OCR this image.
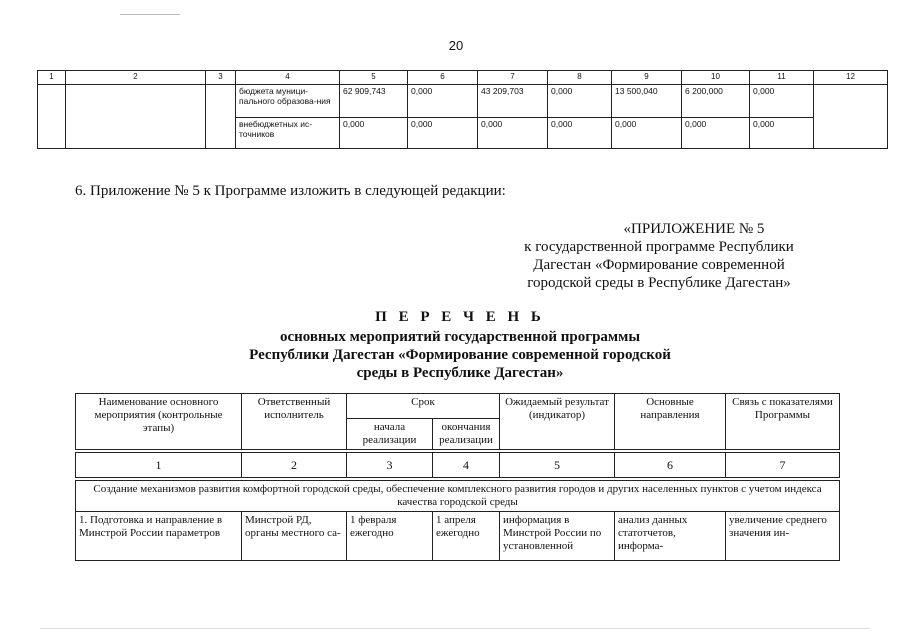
20
1	2	3	4	5	6	7	8	9	10	11	12
			бюджета муници-пального образова-ния	62 909,743	0,000	43 209,703	0,000	13 500,040	6 200,000	0,000	
			внебюджетных ис-точников	0,000	0,000	0,000	0,000	0,000	0,000	0,000	
6. Приложение № 5 к Программе изложить в следующей редакции:
«ПРИЛОЖЕНИЕ № 5
к государственной программе Республики
Дагестан «Формирование современной
городской среды в Республике Дагестан»
П Е Р Е Ч Е Н Ь
основных мероприятий государственной программы
Республики Дагестан «Формирование современной городской
среды в Республике Дагестан»
Наименование основного мероприятия (контрольные этапы)	Ответственный исполнитель	Срок		Ожидаемый результат (индикатор)	Основные направления	Связь с показателями Программы
		начала реализации	окончания реализации			

1	2	3	4	5	6	7

Создание механизмов развития комфортной городской среды, обеспечение комплексного развития городов и других населенных пунктов с учетом индекса качества городской среды						
1. Подготовка и направление в Минстрой России параметров	Минстрой РД, органы местного са-	1 февраля ежегодно	1 апреля ежегодно	информация в Минстрой России по установленной	анализ данных статотчетов, информа-	увеличение среднего значения ин-
